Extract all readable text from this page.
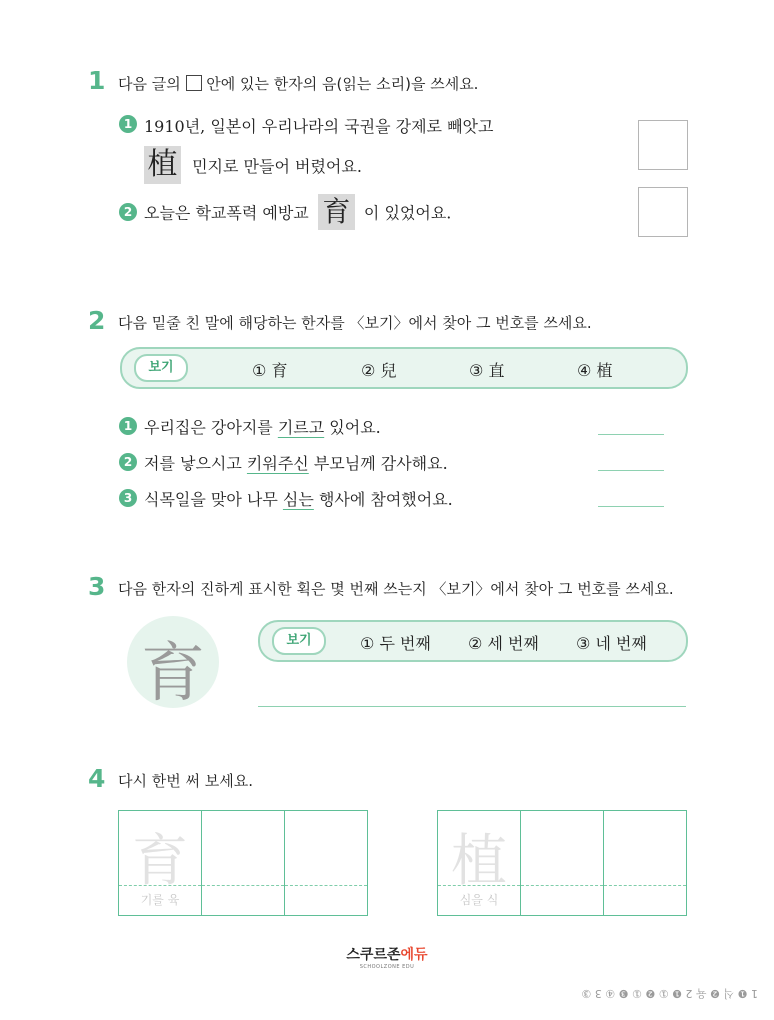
1 다음 글의 안에 있는 한자의 음(읽는 소리)을 쓰세요.
1 1910년, 일본이 우리나라의 국권을 강제로 빼앗고
植 민지로 만들어 버렸어요.
2 오늘은 학교폭력 예방교 育 이 있었어요.
2 다음 밑줄 친 말에 해당하는 한자를 〈보기〉에서 찾아 그 번호를 쓰세요.
보기	① 育	② 兒	③ 直	④ 植
1 우리집은 강아지를 기르고 있어요.
2 저를 낳으시고 키워주신 부모님께 감사해요.
3 식목일을 맞아 나무 심는 행사에 참여했어요.
3 다음 한자의 진하게 표시한 획은 몇 번째 쓰는지 〈보기〉에서 찾아 그 번호를 쓰세요.
育	보기	① 두 번째 ② 세 번째 ③ 네 번째
4 다시 한번 써 보세요.
育
기를 육
植
심을 식
스쿠르존에듀
SCHOOLZONE EDU
1 ❶ 식 ❷ 육 2 ❶ ① ❷ ① ❸ ④ 3 ③
